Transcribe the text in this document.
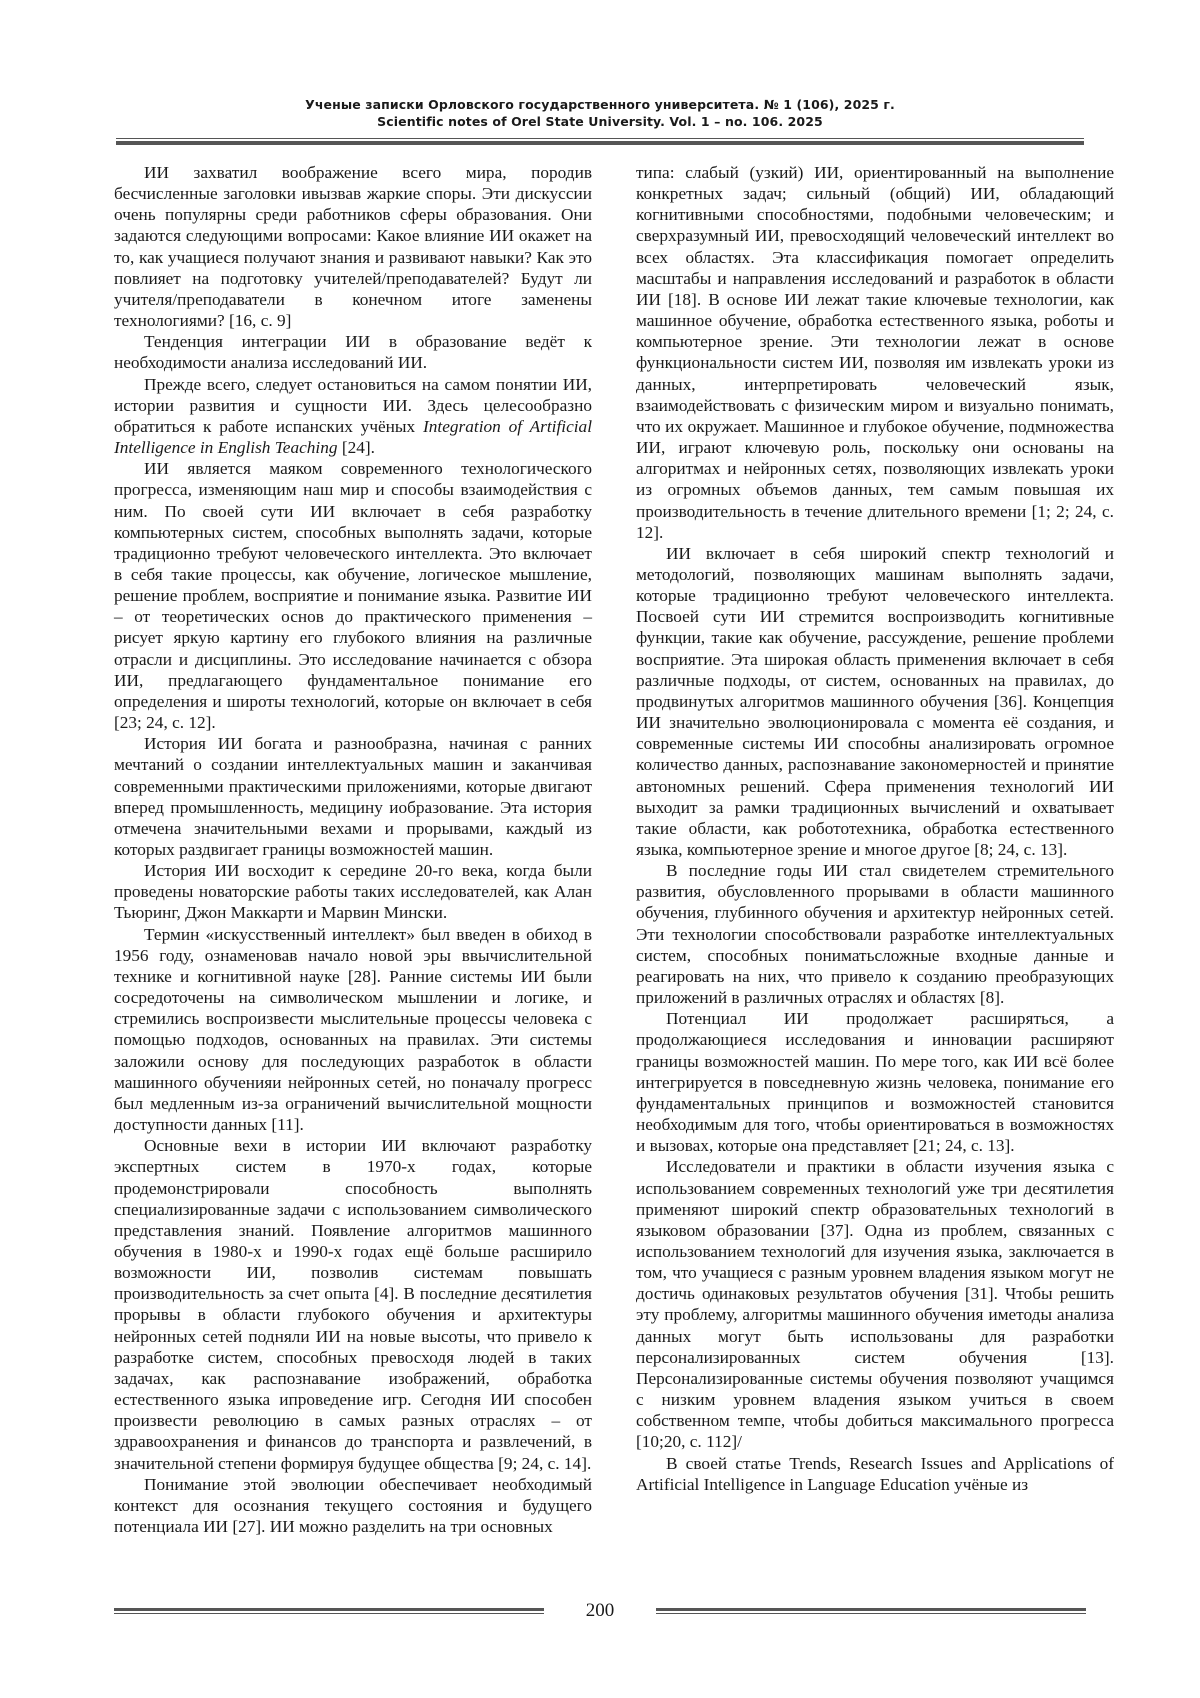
Ученые записки Орловского государственного университета. № 1 (106), 2025 г.
Scientific notes of Orel State University. Vol. 1 – no. 106. 2025

ИИ захватил воображение всего мира, породив бесчисленные заголовки ивызвав жаркие споры. Эти дискуссии очень популярны среди работников сферы образования. Они задаются следующими вопросами: Какое влияние ИИ окажет на то, как учащиеся получают знания и развивают навыки? Как это повлияет на подготовку учителей/преподавателей? Будут ли учителя/преподаватели в конечном итоге заменены технологиями? [16, с. 9]

Тенденция интеграции ИИ в образование ведёт к необходимости анализа исследований ИИ.

Прежде всего, следует остановиться на самом понятии ИИ, истории развития и сущности ИИ. Здесь целесообразно обратиться к работе испанских учёных Integration of Artificial Intelligence in English Teaching [24].

ИИ является маяком современного технологического прогресса, изменяющим наш мир и способы взаимодействия с ним. По своей сути ИИ включает в себя разработку компьютерных систем, способных выполнять задачи, которые традиционно требуют человеческого интеллекта. Это включает в себя такие процессы, как обучение, логическое мышление, решение проблем, восприятие и понимание языка. Развитие ИИ – от теоретических основ до практического применения – рисует яркую картину его глубокого влияния на различные отрасли и дисциплины. Это исследование начинается с обзора ИИ, предлагающего фундаментальное понимание его определения и широты технологий, которые он включает в себя [23; 24, с. 12].

История ИИ богата и разнообразна, начиная с ранних мечтаний о создании интеллектуальных машин и заканчивая современными практическими приложениями, которые двигают вперед промышленность, медицину иобразование. Эта история отмечена значительными вехами и прорывами, каждый из которых раздвигает границы возможностей машин.

История ИИ восходит к середине 20-го века, когда были проведены новаторские работы таких исследователей, как Алан Тьюринг, Джон Маккарти и Марвин Мински.

Термин «искусственный интеллект» был введен в обиход в 1956 году, ознаменовав начало новой эры ввычислительной технике и когнитивной науке [28]. Ранние системы ИИ были сосредоточены на символическом мышлении и логике, и стремились воспроизвести мыслительные процессы человека с помощью подходов, основанных на правилах. Эти системы заложили основу для последующих разработок в области машинного обученияи нейронных сетей, но поначалу прогресс был медленным из-за ограничений вычислительной мощности доступности данных [11].

Основные вехи в истории ИИ включают разработку экспертных систем в 1970-х годах, которые продемонстрировали способность выполнять специализированные задачи с использованием символического представления знаний. Появление алгоритмов машинного обучения в 1980-х и 1990-х годах ещё больше расширило возможности ИИ, позволив системам повышать производительность за счет опыта [4]. В последние десятилетия прорывы в области глубокого обучения и архитектуры нейронных сетей подняли ИИ на новые высоты, что привело к разработке систем, способных превосходя людей в таких задачах, как распознавание изображений, обработка естественного языка ипроведение игр. Сегодня ИИ способен произвести революцию в самых разных отраслях – от здравоохранения и финансов до транспорта и развлечений, в значительной степени формируя будущее общества [9; 24, с. 14].

Понимание этой эволюции обеспечивает необходимый контекст для осознания текущего состояния и будущего потенциала ИИ [27]. ИИ можно разделить на три основных

типа: слабый (узкий) ИИ, ориентированный на выполнение конкретных задач; сильный (общий) ИИ, обладающий когнитивными способностями, подобными человеческим; и сверхразумный ИИ, превосходящий человеческий интеллект во всех областях. Эта классификация помогает определить масштабы и направления исследований и разработок в области ИИ [18]. В основе ИИ лежат такие ключевые технологии, как машинное обучение, обработка естественного языка, роботы и компьютерное зрение. Эти технологии лежат в основе функциональности систем ИИ, позволяя им извлекать уроки из данных, интерпретировать человеческий язык, взаимодействовать с физическим миром и визуально понимать, что их окружает. Машинное и глубокое обучение, подмножества ИИ, играют ключевую роль, поскольку они основаны на алгоритмах и нейронных сетях, позволяющих извлекать уроки из огромных объемов данных, тем самым повышая их производительность в течение длительного времени [1; 2; 24, с. 12].

ИИ включает в себя широкий спектр технологий и методологий, позволяющих машинам выполнять задачи, которые традиционно требуют человеческого интеллекта. Посвоей сути ИИ стремится воспроизводить когнитивные функции, такие как обучение, рассуждение, решение проблеми восприятие. Эта широкая область применения включает в себя различные подходы, от систем, основанных на правилах, до продвинутых алгоритмов машинного обучения [36]. Концепция ИИ значительно эволюционировала с момента её создания, и современные системы ИИ способны анализировать огромное количество данных, распознавание закономерностей и принятие автономных решений. Сфера применения технологий ИИ выходит за рамки традиционных вычислений и охватывает такие области, как робототехника, обработка естественного языка, компьютерное зрение и многое другое [8; 24, с. 13].

В последние годы ИИ стал свидетелем стремительного развития, обусловленного прорывами в области машинного обучения, глубинного обучения и архитектур нейронных сетей. Эти технологии способствовали разработке интеллектуальных систем, способных пониматьсложные входные данные и реагировать на них, что привело к созданию преобразующих приложений в различных отраслях и областях [8].

Потенциал ИИ продолжает расширяться, а продолжающиеся исследования и инновации расширяют границы возможностей машин. По мере того, как ИИ всё более интегрируется в повседневную жизнь человека, понимание его фундаментальных принципов и возможностей становится необходимым для того, чтобы ориентироваться в возможностях и вызовах, которые она представляет [21; 24, с. 13].

Исследователи и практики в области изучения языка с использованием современных технологий уже три десятилетия применяют широкий спектр образовательных технологий в языковом образовании [37]. Одна из проблем, связанных с использованием технологий для изучения языка, заключается в том, что учащиеся с разным уровнем владения языком могут не достичь одинаковых результатов обучения [31]. Чтобы решить эту проблему, алгоритмы машинного обучения иметоды анализа данных могут быть использованы для разработки персонализированных систем обучения [13]. Персонализированные системы обучения позволяют учащимся с низким уровнем владения языком учиться в своем собственном темпе, чтобы добиться максимального прогресса [10;20, с. 112]/

В своей статье Trends, Research Issues and Applications of Artificial Intelligence in Language Education учёные из

200
